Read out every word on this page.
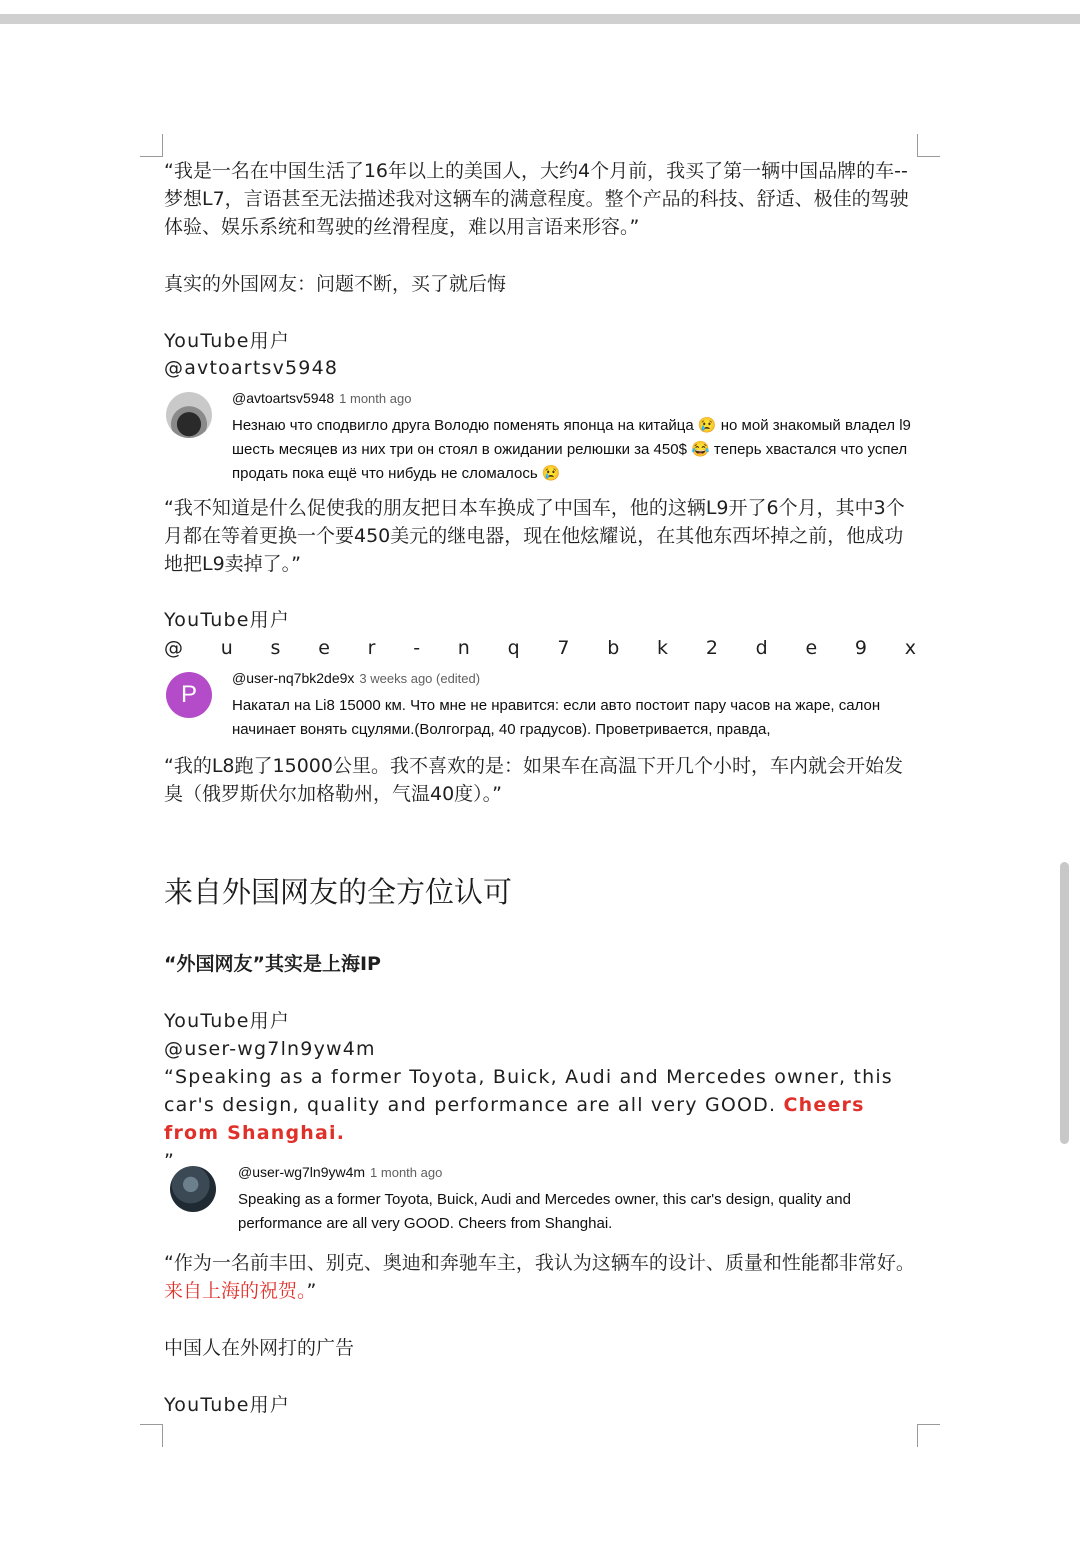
“我是一名在中国生活了16年以上的美国人，大约4个月前，我买了第一辆中国品牌的车--梦想L7，言语甚至无法描述我对这辆车的满意程度。整个产品的科技、舒适、极佳的驾驶体验、娱乐系统和驾驶的丝滑程度，难以用言语来形容。”
真实的外国网友：问题不断，买了就后悔
YouTube用户
@avtoartsv5948
@avtoartsv5948 1 month ago
Незнаю что сподвигло друга Володю поменять японца на китайца 😢 но мой знакомый владел l9 шесть месяцев из них три он стоял в ожидании релюшки за 450$ 😂 теперь хвастался что успел продать пока ещё что нибудь не сломалось 😢
“我不知道是什么促使我的朋友把日本车换成了中国车，他的这辆L9开了6个月，其中3个月都在等着更换一个要450美元的继电器，现在他炫耀说，在其他东西坏掉之前，他成功地把L9卖掉了。”
YouTube用户
@ u s e r - n q 7 b k 2 d e 9 x
P
@user-nq7bk2de9x 3 weeks ago (edited)
Накатал на Li8 15000 км. Что мне не нравится: если авто постоит пару часов на жаре, салон начинает вонять сцулями.(Волгоград, 40 градусов). Проветривается, правда,
“我的L8跑了15000公里。我不喜欢的是：如果车在高温下开几个小时，车内就会开始发臭（俄罗斯伏尔加格勒州，气温40度）。”
来自外国网友的全方位认可
“外国网友”其实是上海IP
YouTube用户
@user-wg7ln9yw4m
“Speaking as a former Toyota, Buick, Audi and Mercedes owner, this car's design, quality and performance are all very GOOD. Cheers from Shanghai.
”	@user-wg7ln9yw4m 1 month ago
Speaking as a former Toyota, Buick, Audi and Mercedes owner, this car's design, quality and performance are all very GOOD. Cheers from Shanghai.
“作为一名前丰田、别克、奥迪和奔驰车主，我认为这辆车的设计、质量和性能都非常好。来自上海的祝贺。”
中国人在外网打的广告
YouTube用户
